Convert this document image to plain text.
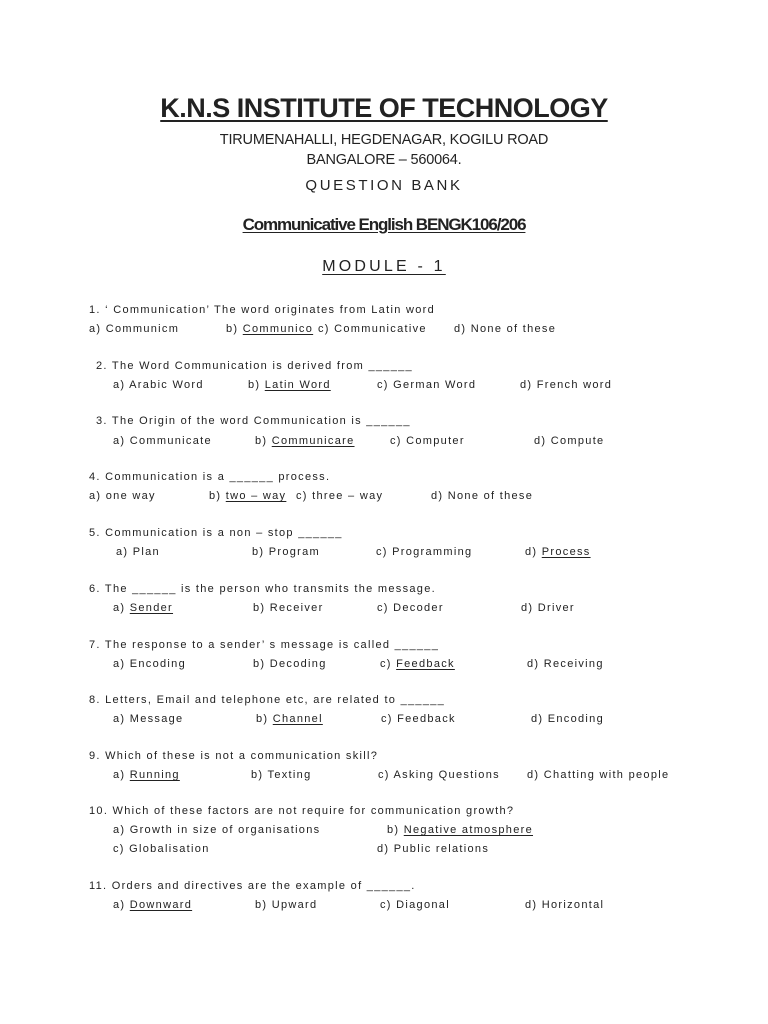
K.N.S INSTITUTE OF TECHNOLOGY
TIRUMENAHALLI, HEGDENAGAR, KOGILU ROAD
BANGALORE – 560064.
QUESTION BANK
Communicative English BENGK106/206
MODULE - 1
1. ‘ Communication’ The word originates from Latin word
a) Communicm	b) Communico c) Communicative d) None of these
2. The Word Communication is derived from ______
a) Arabic Word	b) Latin Word	c) German Word	d) French word
3. The Origin of the word Communication is ______
a) Communicate	b) Communicare	c) Computer	d) Compute
4. Communication is a ______ process.
a) one way	b) two – way c) three – way	d) None of these
5. Communication is a non – stop ______
a) Plan	b) Program	c) Programming	d) Process
6. The ______ is the person who transmits the message.
a) Sender	b) Receiver	c) Decoder	d) Driver
7. The response to a sender’ s message is called ______
a) Encoding	b) Decoding	c) Feedback	d) Receiving
8. Letters, Email and telephone etc, are related to ______
a) Message	b) Channel	c) Feedback	d) Encoding
9. Which of these is not a communication skill?
a) Running	b) Texting	c) Asking Questions d) Chatting with people
10. Which of these factors are not require for communication growth?
a) Growth in size of organisations	b) Negative atmosphere
c) Globalisation	d) Public relations
11. Orders and directives are the example of ______.
a) Downward	b) Upward	c) Diagonal	d) Horizontal
